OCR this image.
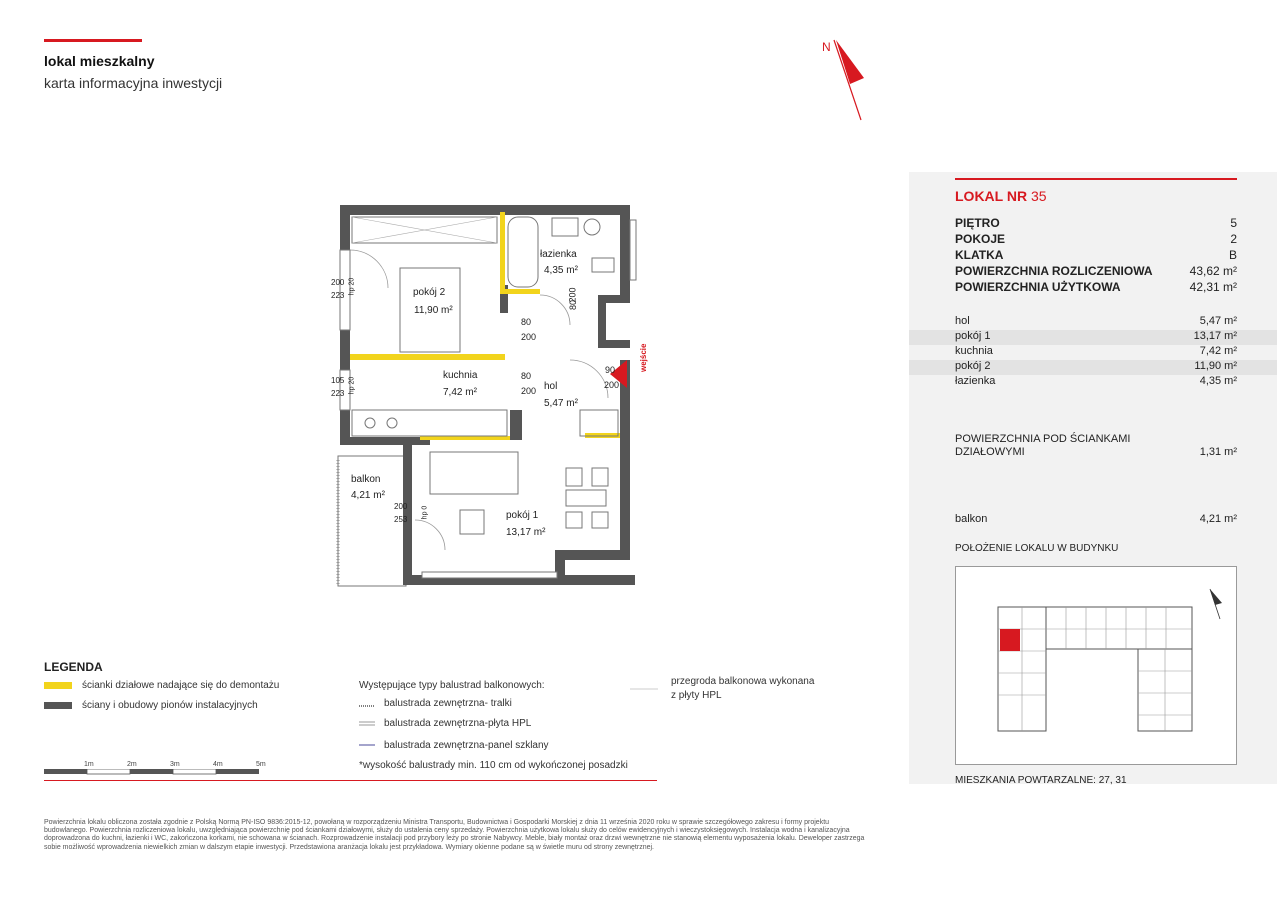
lokal mieszkalny
karta informacyjna inwestycji
N
łazienka
4,35 m²
pokój 2
11,90 m²
kuchnia
7,42 m²
hol
5,47 m²
balkon
4,21 m²
pokój 1
13,17 m²
80
200
80
200
80
200
90
200
200
253
200
223
hp 20
105
223 hp 20
hp 0
wejście
LOKAL NR 35
PIĘTRO	5
POKOJE	2
KLATKA	B
POWIERZCHNIA ROZLICZENIOWA	43,62 m²
POWIERZCHNIA UŻYTKOWA	42,31 m²
hol	5,47 m²
pokój 1	13,17 m²
kuchnia	7,42 m²
pokój 2	11,90 m²
łazienka	4,35 m²
POWIERZCHNIA POD ŚCIANKAMI
DZIAŁOWYMI	1,31 m²
balkon	4,21 m²
POŁOŻENIE LOKALU W BUDYNKU
MIESZKANIA POWTARZALNE: 27, 31
LEGENDA
ścianki działowe nadające się do demontażu
ściany i obudowy pionów instalacyjnych
Występujące typy balustrad balkonowych:
balustrada zewnętrzna- tralki
balustrada zewnętrzna-płyta HPL
balustrada zewnętrzna-panel szklany
*wysokość balustrady min. 110 cm od wykończonej posadzki
przegroda balkonowa wykonana
z płyty HPL
1m	2m	3m	4m	5m
Powierzchnia lokalu obliczona została zgodnie z Polską Normą PN-ISO 9836:2015-12, powołaną w rozporządzeniu Ministra Transportu, Budownictwa i Gospodarki Morskiej z dnia 11 września 2020 roku w sprawie szczegółowego zakresu i formy projektu budowlanego. Powierzchnia rozliczeniowa lokalu, uwzględniająca powierzchnię pod ściankami działowymi, służy do ustalenia ceny sprzedaży. Powierzchnia użytkowa lokalu służy do celów ewidencyjnych i wieczystoksięgowych. Instalacja wodna i kanalizacyjna doprowadzona do kuchni, łazienki i WC, zakończona korkami, nie schowana w ścianach. Rozprowadzenie instalacji pod przybory leży po stronie Nabywcy. Meble, biały montaż oraz drzwi wewnętrzne nie stanowią elementu wyposażenia lokalu. Deweloper zastrzega sobie możliwość wprowadzenia niewielkich zmian w dalszym etapie inwestycji. Przedstawiona aranżacja lokalu jest przykładowa. Wymiary okienne podane są w świetle muru od strony zewnętrznej.
